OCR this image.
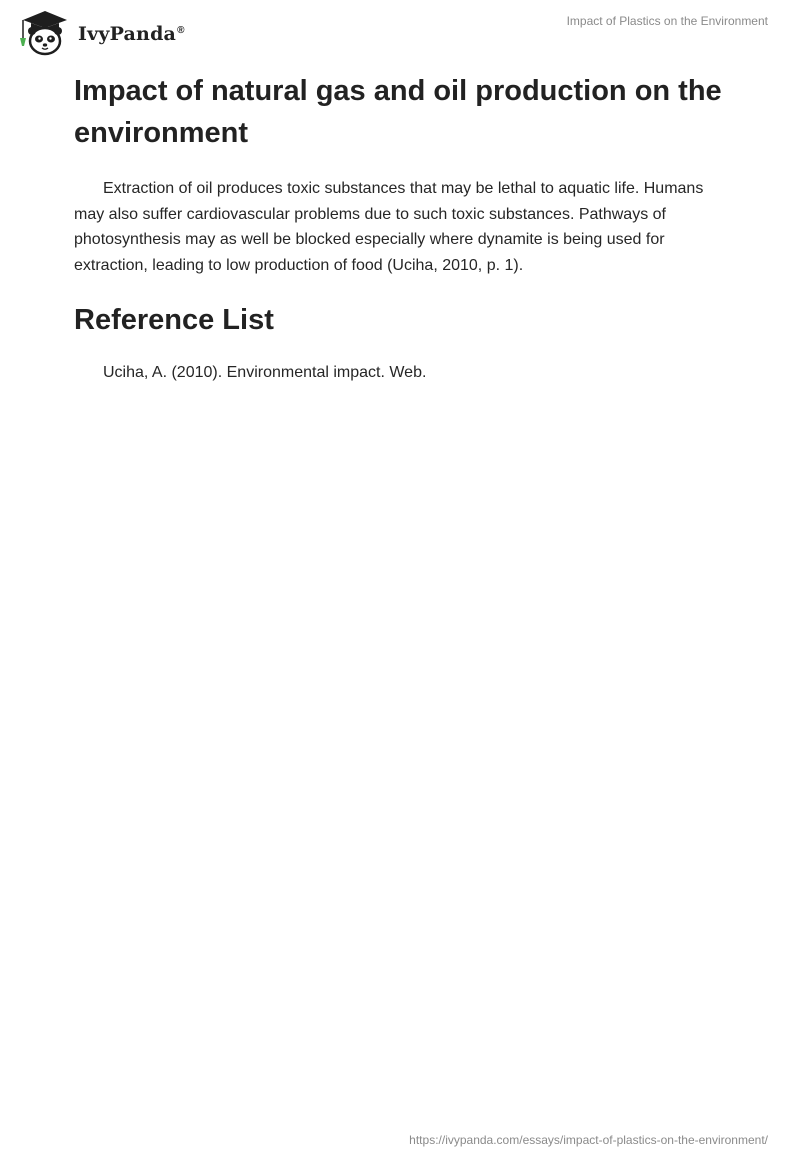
IvyPanda®
Impact of Plastics on the Environment
Impact of natural gas and oil production on the environment

Extraction of oil produces toxic substances that may be lethal to aquatic life. Humans may also suffer cardiovascular problems due to such toxic substances. Pathways of photosynthesis may as well be blocked especially where dynamite is being used for extraction, leading to low production of food (Uciha, 2010, p. 1).

Reference List
Uciha, A. (2010). Environmental impact. Web.
https://ivypanda.com/essays/impact-of-plastics-on-the-environment/
